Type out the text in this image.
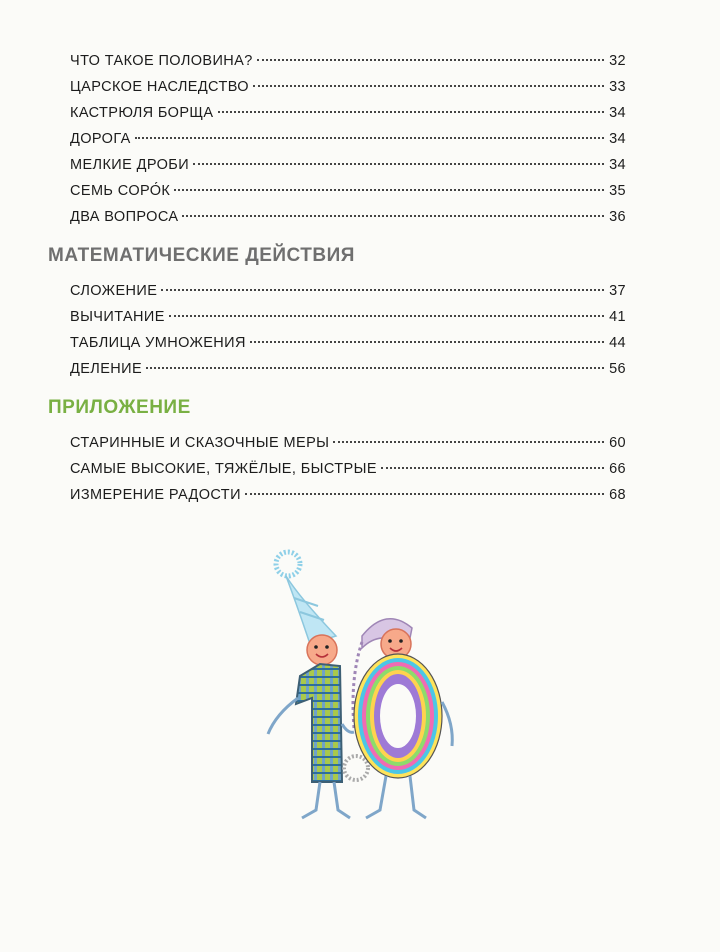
ЧТО ТАКОЕ ПОЛОВИНА?	32
ЦАРСКОЕ НАСЛЕДСТВО	33
КАСТРЮЛЯ БОРЩА	34
ДОРОГА	34
МЕЛКИЕ ДРОБИ	34
СЕМЬ СОРО́К	35
ДВА ВОПРОСА	36
МАТЕМАТИЧЕСКИЕ ДЕЙСТВИЯ
СЛОЖЕНИЕ	37
ВЫЧИТАНИЕ	41
ТАБЛИЦА УМНОЖЕНИЯ	44
ДЕЛЕНИЕ	56
ПРИЛОЖЕНИЕ
СТАРИННЫЕ И СКАЗОЧНЫЕ МЕРЫ	60
САМЫЕ ВЫСОКИЕ, ТЯЖЁЛЫЕ, БЫСТРЫЕ	66
ИЗМЕРЕНИЕ РАДОСТИ	68
